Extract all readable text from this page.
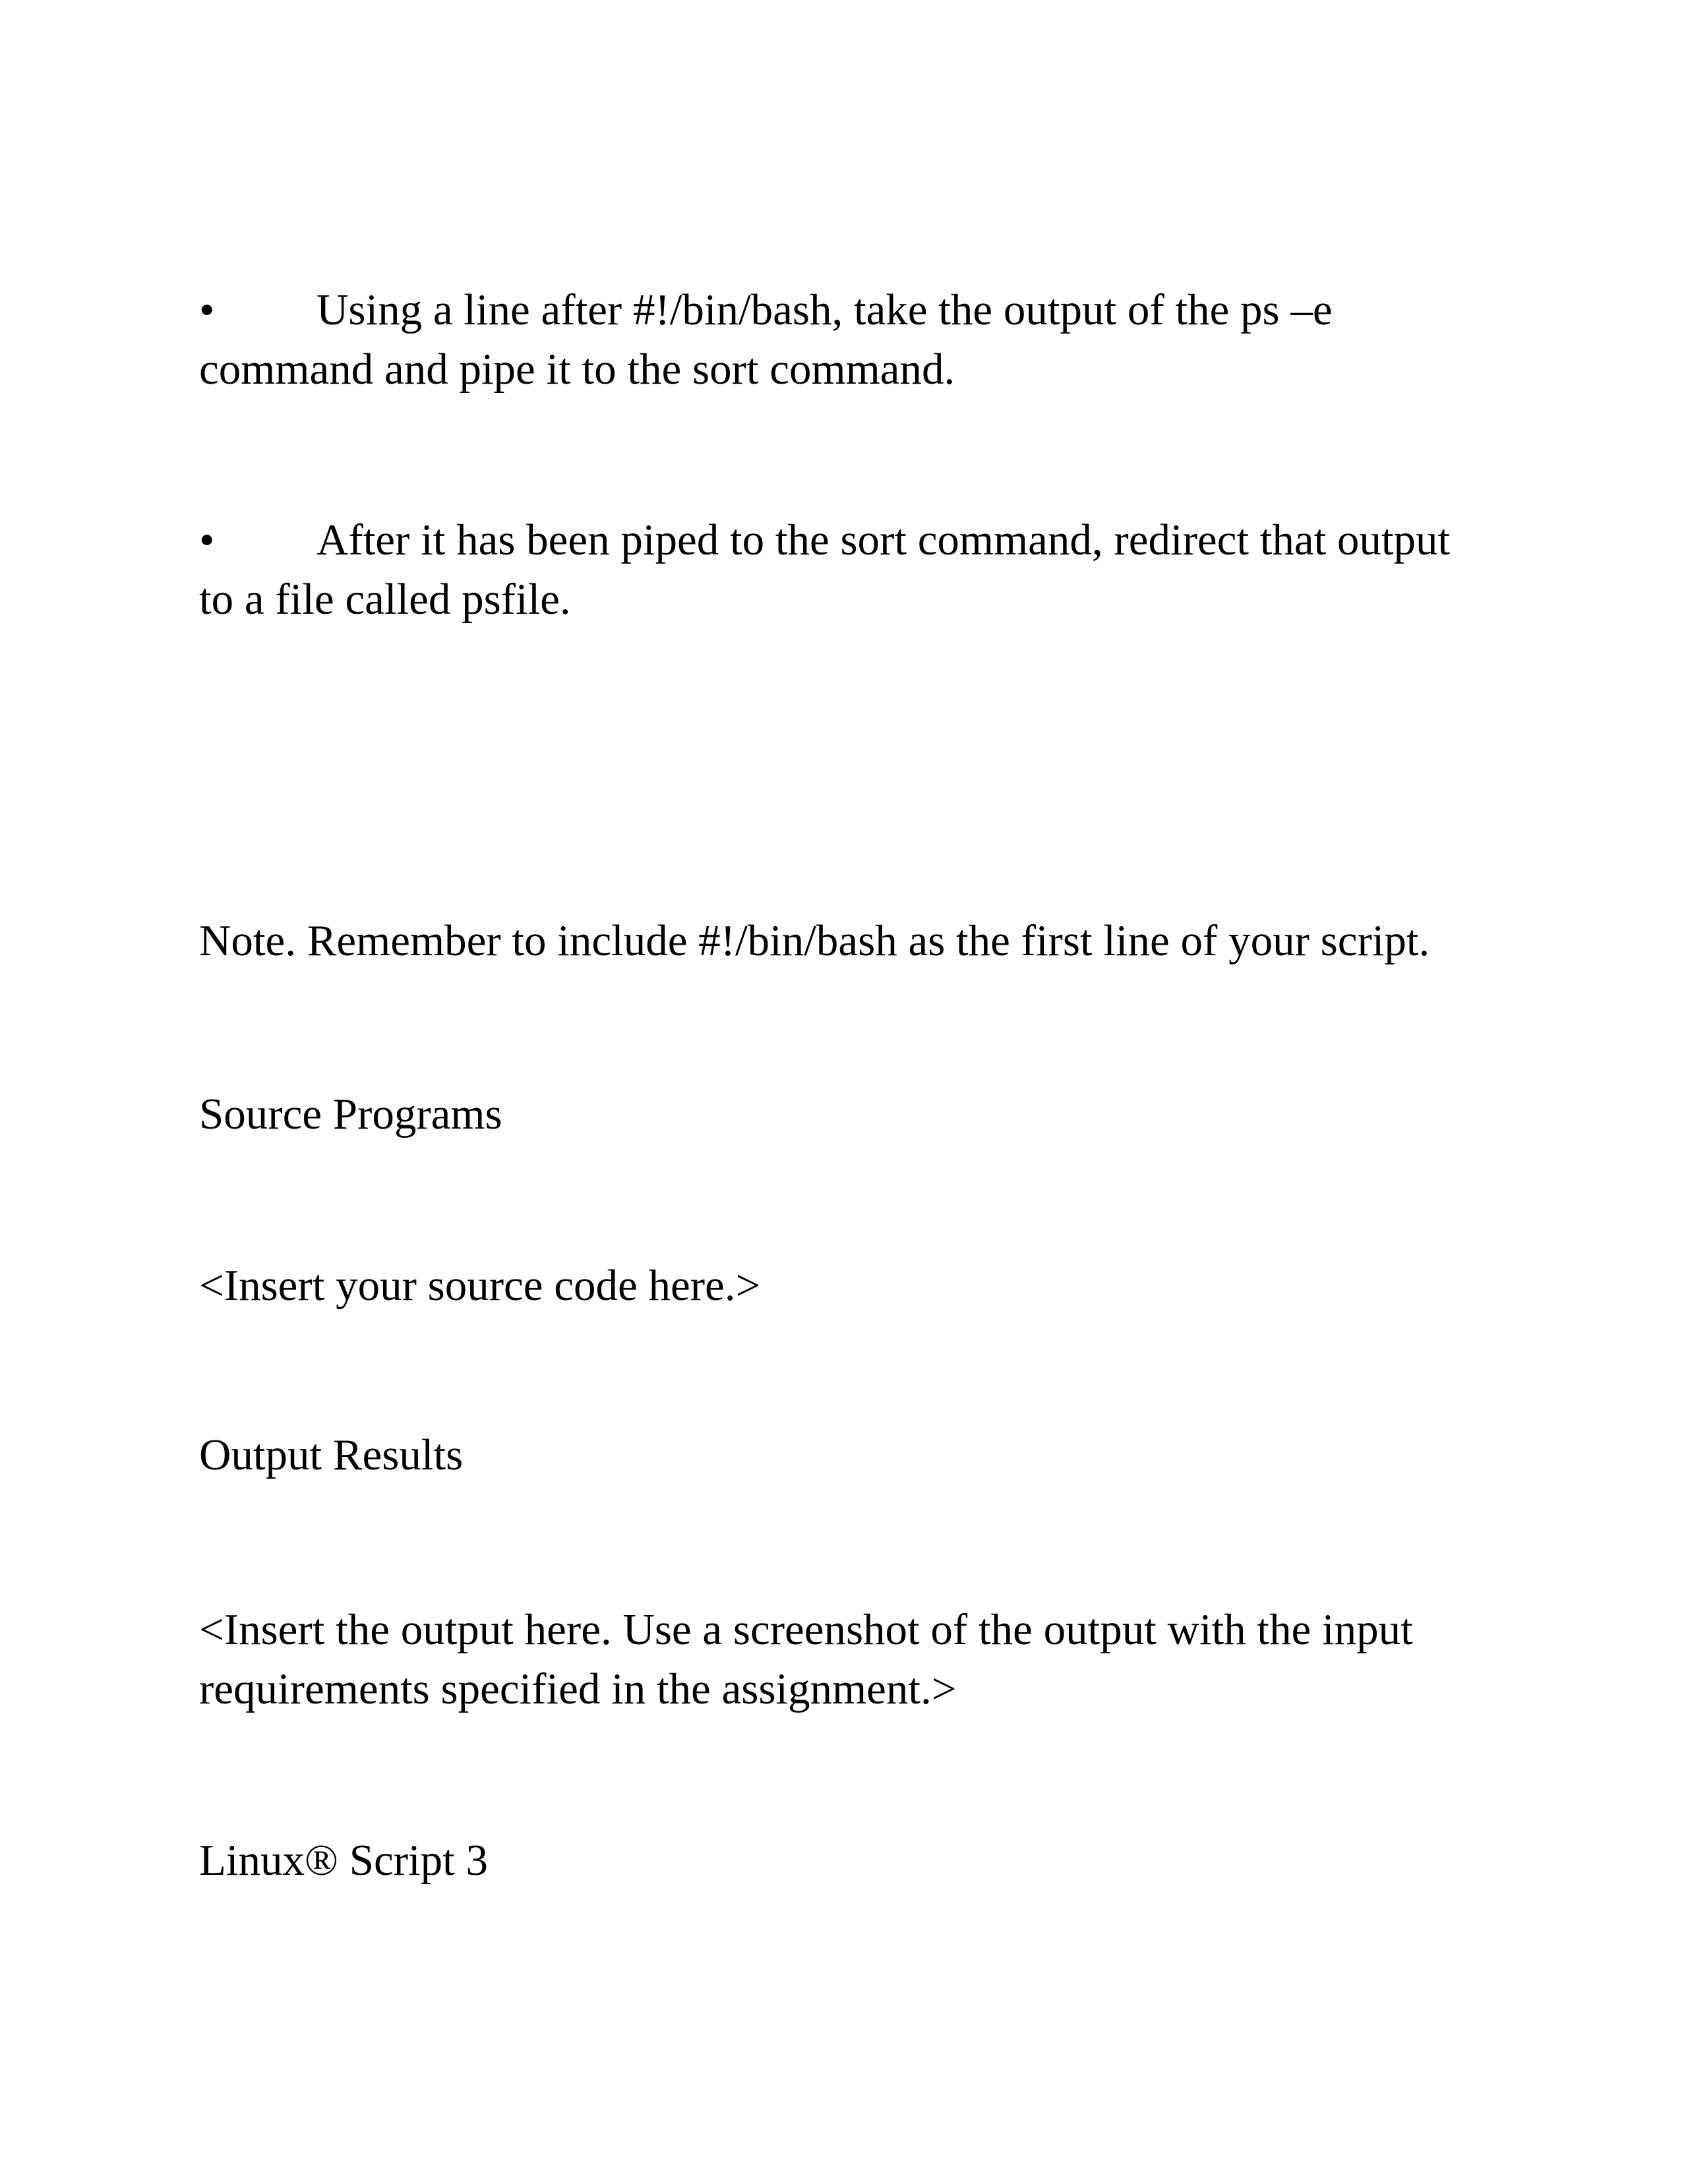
•	Using a line after #!/bin/bash, take the output of the ps –e
command and pipe it to the sort command.
•	After it has been piped to the sort command, redirect that output
to a file called psfile.
Note. Remember to include #!/bin/bash as the first line of your script.
Source Programs
<Insert your source code here.>
Output Results
<Insert the output here. Use a screenshot of the output with the input
requirements specified in the assignment.>
Linux® Script 3
